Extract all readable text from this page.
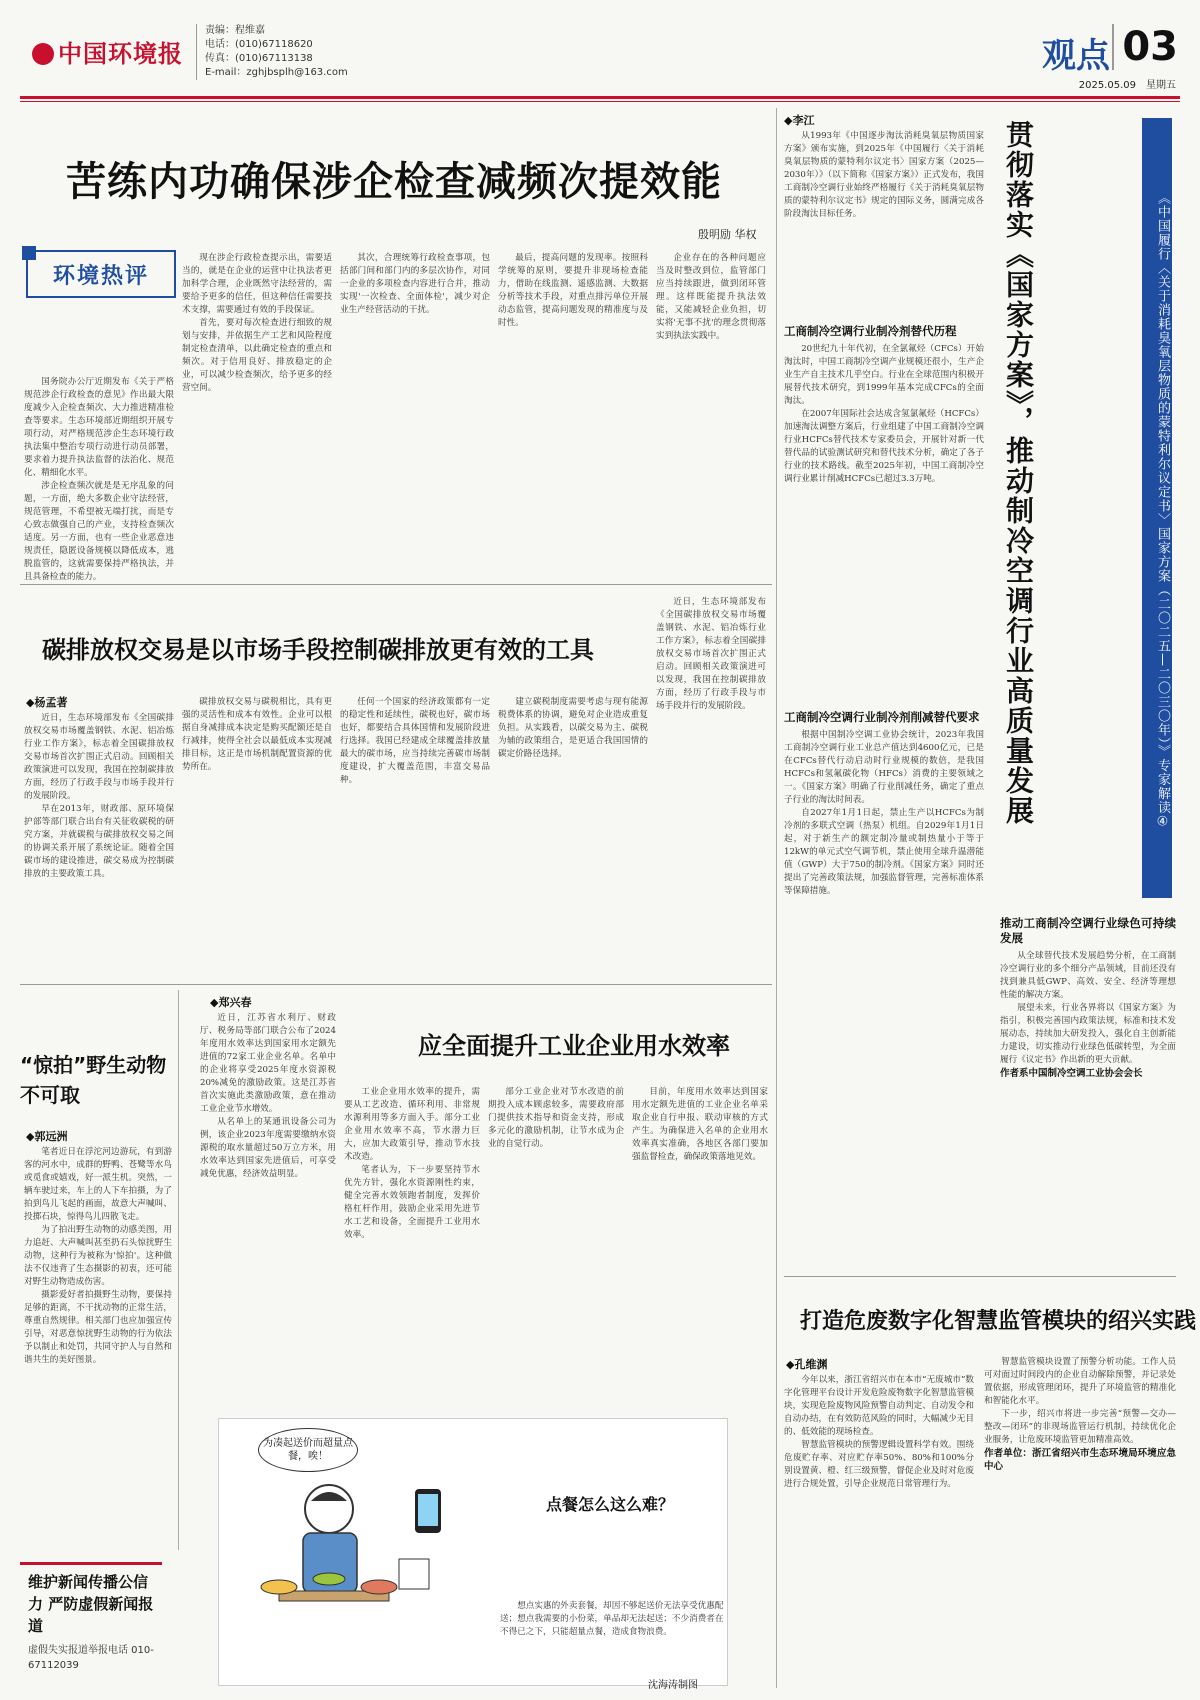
中国环境报
责编：程维嘉
电话：(010)67118620
传真：(010)67113138
E-mail：zghjbsplh@163.com	观点 03
2025.05.09　星期五
苦练内功确保涉企检查减频次提效能
殷明励 华权
环境热评

国务院办公厅近期发布《关于严格规范涉企行政检查的意见》作出最大限度减少入企检查频次、大力推进精准检查等要求。生态环境部近期组织开展专项行动，对严格规范涉企生态环境行政执法集中整治专项行动进行动员部署，要求着力提升执法监督的法治化、规范化、精细化水平。

涉企检查频次就是是无序乱象的问题，一方面，绝大多数企业守法经营，规范管理，不希望被无端打扰，而是专心致志做强自己的产业，支持检查频次适度。另一方面，也有一些企业恶意违规责任，隐匿设备规模以降低成本，逃脱监管的，这就需要保持严格执法，并且具备检查的能力。

现在涉企行政检查提示出，需要适当的，就是在企业的运营中让执法者更加科学合理，企业既然守法经营的，需要给予更多的信任，但这种信任需要技术支撑，需要通过有效的手段保证。

首先，要对每次检查进行细致的规划与安排，并依据生产工艺和风险程度制定检查清单，以此确定检查的重点和频次。对于信用良好、排放稳定的企业，可以减少检查频次，给予更多的经营空间。

其次，合理统筹行政检查事项，包括部门间和部门内的多层次协作，对同一企业的多项检查内容进行合并，推动实现'一次检查、全面体检'，减少对企业生产经营活动的干扰。

最后，提高问题的发现率。按照科学统筹的原则，要提升非现场检查能力，借助在线监测、遥感监测、大数据分析等技术手段，对重点排污单位开展动态监管，提高问题发现的精准度与及时性。

企业存在的各种问题应当及时整改到位，监管部门应当持续跟进，做到闭环管理。这样既能提升执法效能，又能减轻企业负担，切实将'无事不扰'的理念贯彻落实到执法实践中。

碳排放权交易是以市场手段控制碳排放更有效的工具
◆杨孟著

近日，生态环境部发布《全国碳排放权交易市场覆盖钢铁、水泥、铝冶炼行业工作方案》，标志着全国碳排放权交易市场首次扩围正式启动。回顾相关政策演进可以发现，我国在控制碳排放方面，经历了行政手段与市场手段并行的发展阶段。

早在2013年，财政部、原环境保护部等部门联合出台有关征收碳税的研究方案，并就碳税与碳排放权交易之间的协调关系开展了系统论证。随着全国碳市场的建设推进，碳交易成为控制碳排放的主要政策工具。

碳排放权交易与碳税相比，具有更强的灵活性和成本有效性。企业可以根据自身减排成本决定是购买配额还是自行减排，使得全社会以最低成本实现减排目标，这正是市场机制配置资源的优势所在。

任何一个国家的经济政策都有一定的稳定性和延续性，碳税也好，碳市场也好，都要结合具体国情和发展阶段进行选择。我国已经建成全球覆盖排放量最大的碳市场，应当持续完善碳市场制度建设，扩大覆盖范围，丰富交易品种。

建立碳税制度需要考虑与现有能源税费体系的协调，避免对企业造成重复负担。从实践看，以碳交易为主、碳税为辅的政策组合，是更适合我国国情的碳定价路径选择。

近日，生态环境部发布《全国碳排放权交易市场覆盖钢铁、水泥、铝冶炼行业工作方案》，标志着全国碳排放权交易市场首次扩围正式启动。回顾相关政策演进可以发现，我国在控制碳排放方面，经历了行政手段与市场手段并行的发展阶段。

“惊拍”野生动物不可取
◆郭远洲

笔者近日在浮沱河边游玩，有到游客的河水中，成群的野鸭、苍鹭等水鸟或觅食或嬉戏，好一派生机。突然，一辆车驶过来，车上的人下车拍摄，为了拍到鸟儿飞起的画面，故意大声喊叫、投掷石块，惊得鸟儿四散飞走。

为了拍出野生动物的动感美图，用力追赶、大声喊叫甚至扔石头惊扰野生动物，这种行为被称为'惊拍'。这种做法不仅违背了生态摄影的初衷，还可能对野生动物造成伤害。

摄影爱好者拍摄野生动物，要保持足够的距离，不干扰动物的正常生活，尊重自然规律。相关部门也应加强宣传引导，对恶意惊扰野生动物的行为依法予以制止和处罚，共同守护人与自然和谐共生的美好图景。

◆郑兴春
应全面提升工业企业用水效率

近日，江苏省水利厅、财政厅、税务局等部门联合公布了2024年度用水效率达到国家用水定额先进值的72家工业企业名单。名单中的企业将享受2025年度水资源税20%减免的激励政策。这是江苏省首次实施此类激励政策，意在推动工业企业节水增效。

从名单上的某通讯设备公司为例，该企业2023年度需要缴纳水资源税的取水量超过50万立方米，用水效率达到国家先进值后，可享受减免优惠，经济效益明显。

工业企业用水效率的提升，需要从工艺改造、循环利用、非常规水源利用等多方面入手。部分工业企业用水效率不高，节水潜力巨大，应加大政策引导，推动节水技术改造。

笔者认为，下一步要坚持节水优先方针，强化水资源刚性约束，健全完善水效领跑者制度，发挥价格杠杆作用，鼓励企业采用先进节水工艺和设备，全面提升工业用水效率。

部分工业企业对节水改造的前期投入成本顾虑较多，需要政府部门提供技术指导和资金支持，形成多元化的激励机制，让节水成为企业的自觉行动。

目前，年度用水效率达到国家用水定额先进值的工业企业名单采取企业自行申报、联动审核的方式产生。为确保进入名单的企业用水效率真实准确，各地区各部门要加强监督检查，确保政策落地见效。

为凑起送价而超量点餐，唉！
点餐怎么这么难？
想点实惠的外卖套餐，却因不够起送价无法享受优惠配送；想点我需要的小份菜，单品却无法起送；不少消费者在不得已之下，只能超量点餐，造成食物浪费。
沈海涛制图
维护新闻传播公信力 严防虚假新闻报道
虚假失实报道举报电话 010-67112039
◆李江

从1993年《中国逐步淘汰消耗臭氧层物质国家方案》颁布实施，到2025年《中国履行〈关于消耗臭氧层物质的蒙特利尔议定书〉国家方案（2025—2030年）》（以下简称《国家方案》）正式发布，我国工商制冷空调行业始终严格履行《关于消耗臭氧层物质的蒙特利尔议定书》规定的国际义务，圆满完成各阶段淘汰目标任务。

工商制冷空调行业制冷剂替代历程

20世纪九十年代初，在全氯氟烃（CFCs）开始淘汰时，中国工商制冷空调产业规模还很小，生产企业生产自主技术几乎空白。行业在全球范围内积极开展替代技术研究，到1999年基本完成CFCs的全面淘汰。

在2007年国际社会达成含氢氯氟烃（HCFCs）加速淘汰调整方案后，行业组建了中国工商制冷空调行业HCFCs替代技术专家委员会，开展针对新一代替代品的试验测试研究和替代技术分析，确定了各子行业的技术路线。截至2025年初，中国工商制冷空调行业累计削减HCFCs已超过3.3万吨。

工商制冷空调行业制冷剂削减替代要求

根据中国制冷空调工业协会统计，2023年我国工商制冷空调行业工业总产值达到4600亿元，已是在CFCs替代行动启动时行业规模的数倍，是我国HCFCs和氢氟碳化物（HFCs）消费的主要领域之一。《国家方案》明确了行业削减任务，确定了重点子行业的淘汰时间表。

自2027年1月1日起，禁止生产以HCFCs为制冷剂的多联式空调（热泵）机组。自2029年1月1日起，对于新生产的额定制冷量或制热量小于等于12kW的单元式空气调节机，禁止使用全球升温潜能值（GWP）大于750的制冷剂。《国家方案》同时还提出了完善政策法规，加强监督管理，完善标准体系等保障措施。

贯彻落实《国家方案》，推动制冷空调行业高质量发展	《中国履行〈关于消耗臭氧层物质的蒙特利尔议定书〉国家方案（二〇二五—二〇三〇年）》专家解读④
推动工商制冷空调行业绿色可持续发展

从全球替代技术发展趋势分析，在工商制冷空调行业的多个细分产品领域，目前还没有找到兼具低GWP、高效、安全、经济等理想性能的解决方案。

展望未来，行业各界将以《国家方案》为指引，积极完善国内政策法规，标准和技术发展动态，持续加大研发投入，强化自主创新能力建设，切实推动行业绿色低碳转型，为全面履行《议定书》作出新的更大贡献。

作者系中国制冷空调工业协会会长
打造危废数字化智慧监管模块的绍兴实践
◆孔维渊

今年以来，浙江省绍兴市在本市“无废城市”数字化管理平台设计开发危险废物数字化智慧监管模块，实现危险废物风险预警自动判定、自动发令和自动办结，在有效防范风险的同时，大幅减少无目的、低效能的现场检查。

智慧监管模块的预警逻辑设置科学有效。围绕危废贮存率、对应贮存率50%、80%和100%分别设置黄、橙、红三级预警，督促企业及时对危废进行合规处置，引导企业规范日常管理行为。

智慧监管模块设置了预警分析功能。工作人员可对面过时间段内的企业自动解除预警，并记录处置依据，形成管理闭环，提升了环境监管的精准化和智能化水平。

下一步，绍兴市将进一步完善“预警—交办—整改—闭环”的非现场监管运行机制，持续优化企业服务，让危废环境监管更加精准高效。

作者单位：浙江省绍兴市生态环境局环境应急中心
